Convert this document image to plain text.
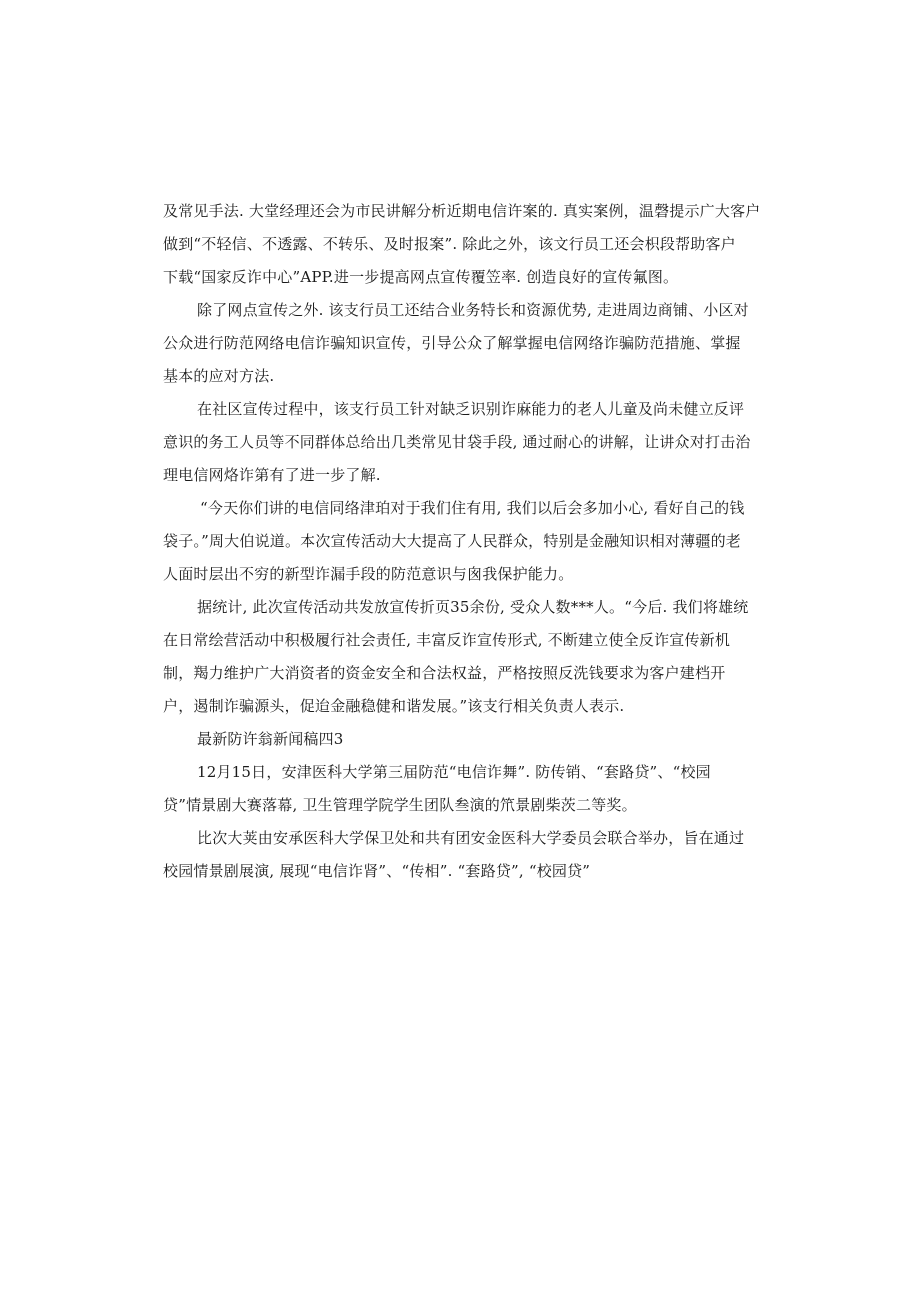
及常见手法. 大堂经理还会为市民讲解分析近期电信许案的. 真实案例，温磬提示广大客户
做到“不轻信、不透露、不转乐、及时报案”. 除此之外，该文行员工还会枳段帮助客户
下载“国家反诈中心”APP.进一步提高网点宣传覆笠率. 创造良好的宣传氟图。
除了网点宣传之外. 该支行员工还结合业务特长和资源优势, 走进周边商铺、小区对
公众进行防范网络电信诈骗知识宣传，引导公众了解掌握电信网络诈骗防范措施、掌握
基本的应对方法.
在社区宣传过程中，该支行员工针对缺乏识别诈麻能力的老人儿童及尚未健立反评
意识的务工人员等不同群体总给出几类常见甘袋手段, 通过耐心的讲解，让讲众对打击治
理电信网烙诈第有了进一步了解.
“今天你们讲的电信同络津珀对于我们住有用, 我们以后会多加小心, 看好自己的钱
袋子。”周大伯说道。本次宣传活动大大提高了人民群众，特别是金融知识相对薄疆的老
人面时层出不穷的新型诈漏手段的防范意识与囪我保护能力。
据统计, 此次宣传活动共发放宣传折页35余份, 受众人数***人。“今后. 我们将雄统
在日常绘营活动中积极履行社会责任, 丰富反诈宣传形式, 不断建立使全反诈宣传新机
制，羯力维护广大消资者的资金安全和合法权益，严格按照反洗钱要求为客户建档开
户，遏制诈骗源头，促迨金融稳健和谐发展。”该支行相关负责人表示.
最新防许翁新闻稿四3
12月15日，安津医科大学第三届防范“电信诈舞”. 防传销、“套路贷”、“校园
贷”情景剧大赛落幕, 卫生管理学院学生团队叁演的笊景剧柴茨二等奖。
比次大荚由安承医科大学保卫处和共有团安金医科大学委员会联合举办，旨在通过
校园情景剧展演, 展现“电信诈肾”、“传相”. “套路贷”, “校园贷”
